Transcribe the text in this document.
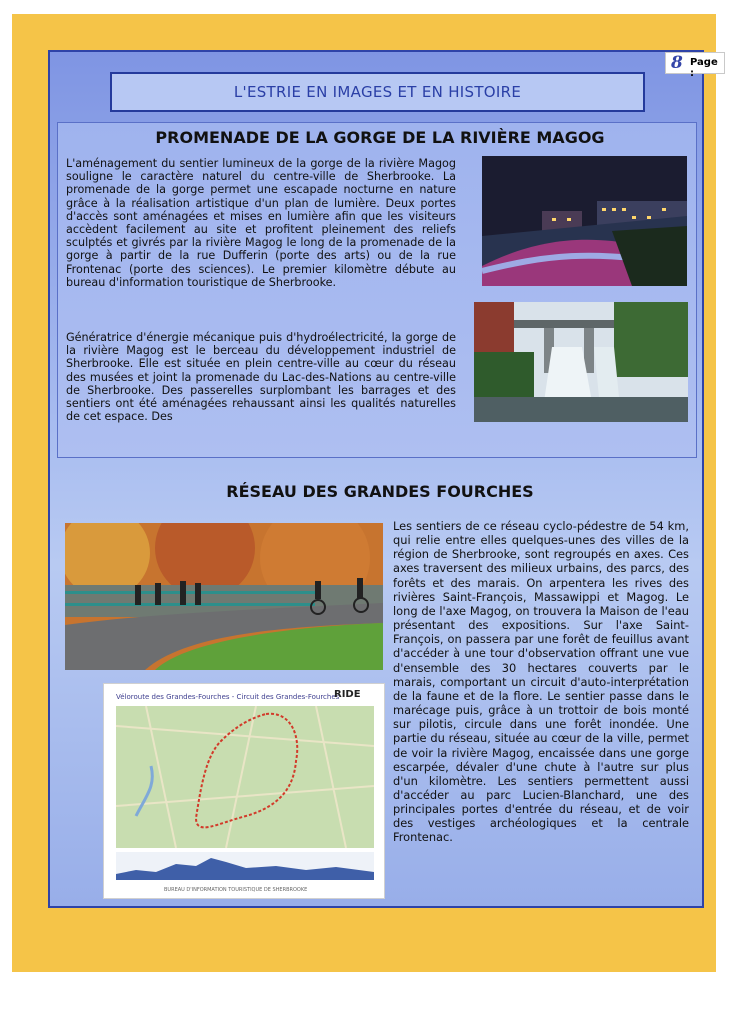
8 Page :
L'ESTRIE EN IMAGES ET EN HISTOIRE
PROMENADE DE LA GORGE DE LA RIVIÈRE MAGOG

L'aménagement du sentier lumineux de la gorge de la rivière Magog souligne le caractère naturel du centre-ville de Sherbrooke. La promenade de la gorge permet une escapade nocturne en nature grâce à la réalisation artistique d'un plan de lumière. Deux portes d'accès sont aménagées et mises en lumière afin que les visiteurs accèdent facilement au site et profitent pleinement des reliefs sculptés et givrés par la rivière Magog le long de la promenade de la gorge à partir de la rue Dufferin (porte des arts) ou de la rue Frontenac (porte des sciences). Le premier kilomètre débute au bureau d'information touristique de Sherbrooke.

Génératrice d'énergie mécanique puis d'hydroélectricité, la gorge de la rivière Magog est le berceau du développement industriel de Sherbrooke. Elle est située en plein centre-ville au cœur du réseau des musées et joint la promenade du Lac-des-Nations au centre-ville de Sherbrooke. Des passerelles surplombant les barrages et des sentiers ont été aménagées rehaussant ainsi les qualités naturelles de cet espace. Des

RÉSEAU DES GRANDES FOURCHES
Véloroute des Grandes-Fourches - Circuit des Grandes-Fourches
RIDE
BUREAU D'INFORMATION TOURISTIQUE DE SHERBROOKE

Les sentiers de ce réseau cyclo-pédestre de 54 km, qui relie entre elles quelques-unes des villes de la région de Sherbrooke, sont regroupés en axes. Ces axes traversent des milieux urbains, des parcs, des forêts et des marais. On arpentera les rives des rivières Saint-François, Massawippi et Magog. Le long de l'axe Magog, on trouvera la Maison de l'eau présentant des expositions. Sur l'axe Saint-François, on passera par une forêt de feuillus avant d'accéder à une tour d'observation offrant une vue d'ensemble des 30 hectares couverts par le marais, comportant un circuit d'auto-interprétation de la faune et de la flore. Le sentier passe dans le marécage puis, grâce à un trottoir de bois monté sur pilotis, circule dans une forêt inondée. Une partie du réseau, située au cœur de la ville, permet de voir la rivière Magog, encaissée dans une gorge escarpée, dévaler d'une chute à l'autre sur plus d'un kilomètre. Les sentiers permettent aussi d'accéder au parc Lucien-Blanchard, une des principales portes d'entrée du réseau, et de voir des vestiges archéologiques et la centrale Frontenac.
